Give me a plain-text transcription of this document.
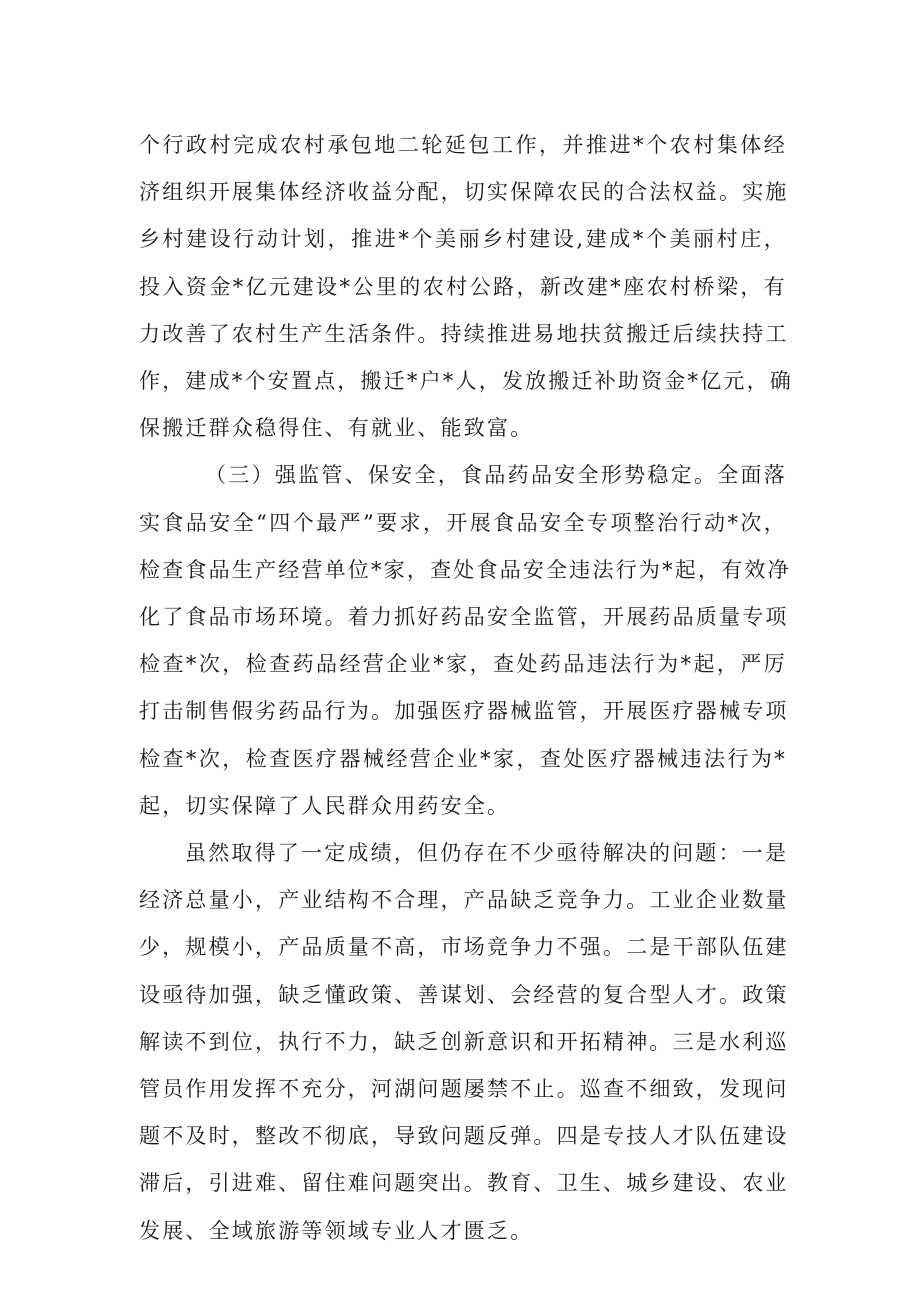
个行政村完成农村承包地二轮延包工作，并推进*个农村集体经
济组织开展集体经济收益分配，切实保障农民的合法权益。实施
乡村建设行动计划，推进*个美丽乡村建设,建成*个美丽村庄，
投入资金*亿元建设*公里的农村公路，新改建*座农村桥梁，有
力改善了农村生产生活条件。持续推进易地扶贫搬迁后续扶持工
作，建成*个安置点，搬迁*户*人，发放搬迁补助资金*亿元，确
保搬迁群众稳得住、有就业、能致富。
（三）强监管、保安全，食品药品安全形势稳定。全面落
实食品安全“四个最严”要求，开展食品安全专项整治行动*次，
检查食品生产经营单位*家，查处食品安全违法行为*起，有效净
化了食品市场环境。着力抓好药品安全监管，开展药品质量专项
检查*次，检查药品经营企业*家，查处药品违法行为*起，严厉
打击制售假劣药品行为。加强医疗器械监管，开展医疗器械专项
检查*次，检查医疗器械经营企业*家，查处医疗器械违法行为*
起，切实保障了人民群众用药安全。
虽然取得了一定成绩，但仍存在不少亟待解决的问题：一是
经济总量小，产业结构不合理，产品缺乏竞争力。工业企业数量
少，规模小，产品质量不高，市场竞争力不强。二是干部队伍建
设亟待加强，缺乏懂政策、善谋划、会经营的复合型人才。政策
解读不到位，执行不力，缺乏创新意识和开拓精神。三是水利巡
管员作用发挥不充分，河湖问题屡禁不止。巡查不细致，发现问
题不及时，整改不彻底，导致问题反弹。四是专技人才队伍建设
滞后，引进难、留住难问题突出。教育、卫生、城乡建设、农业
发展、全域旅游等领域专业人才匮乏。
